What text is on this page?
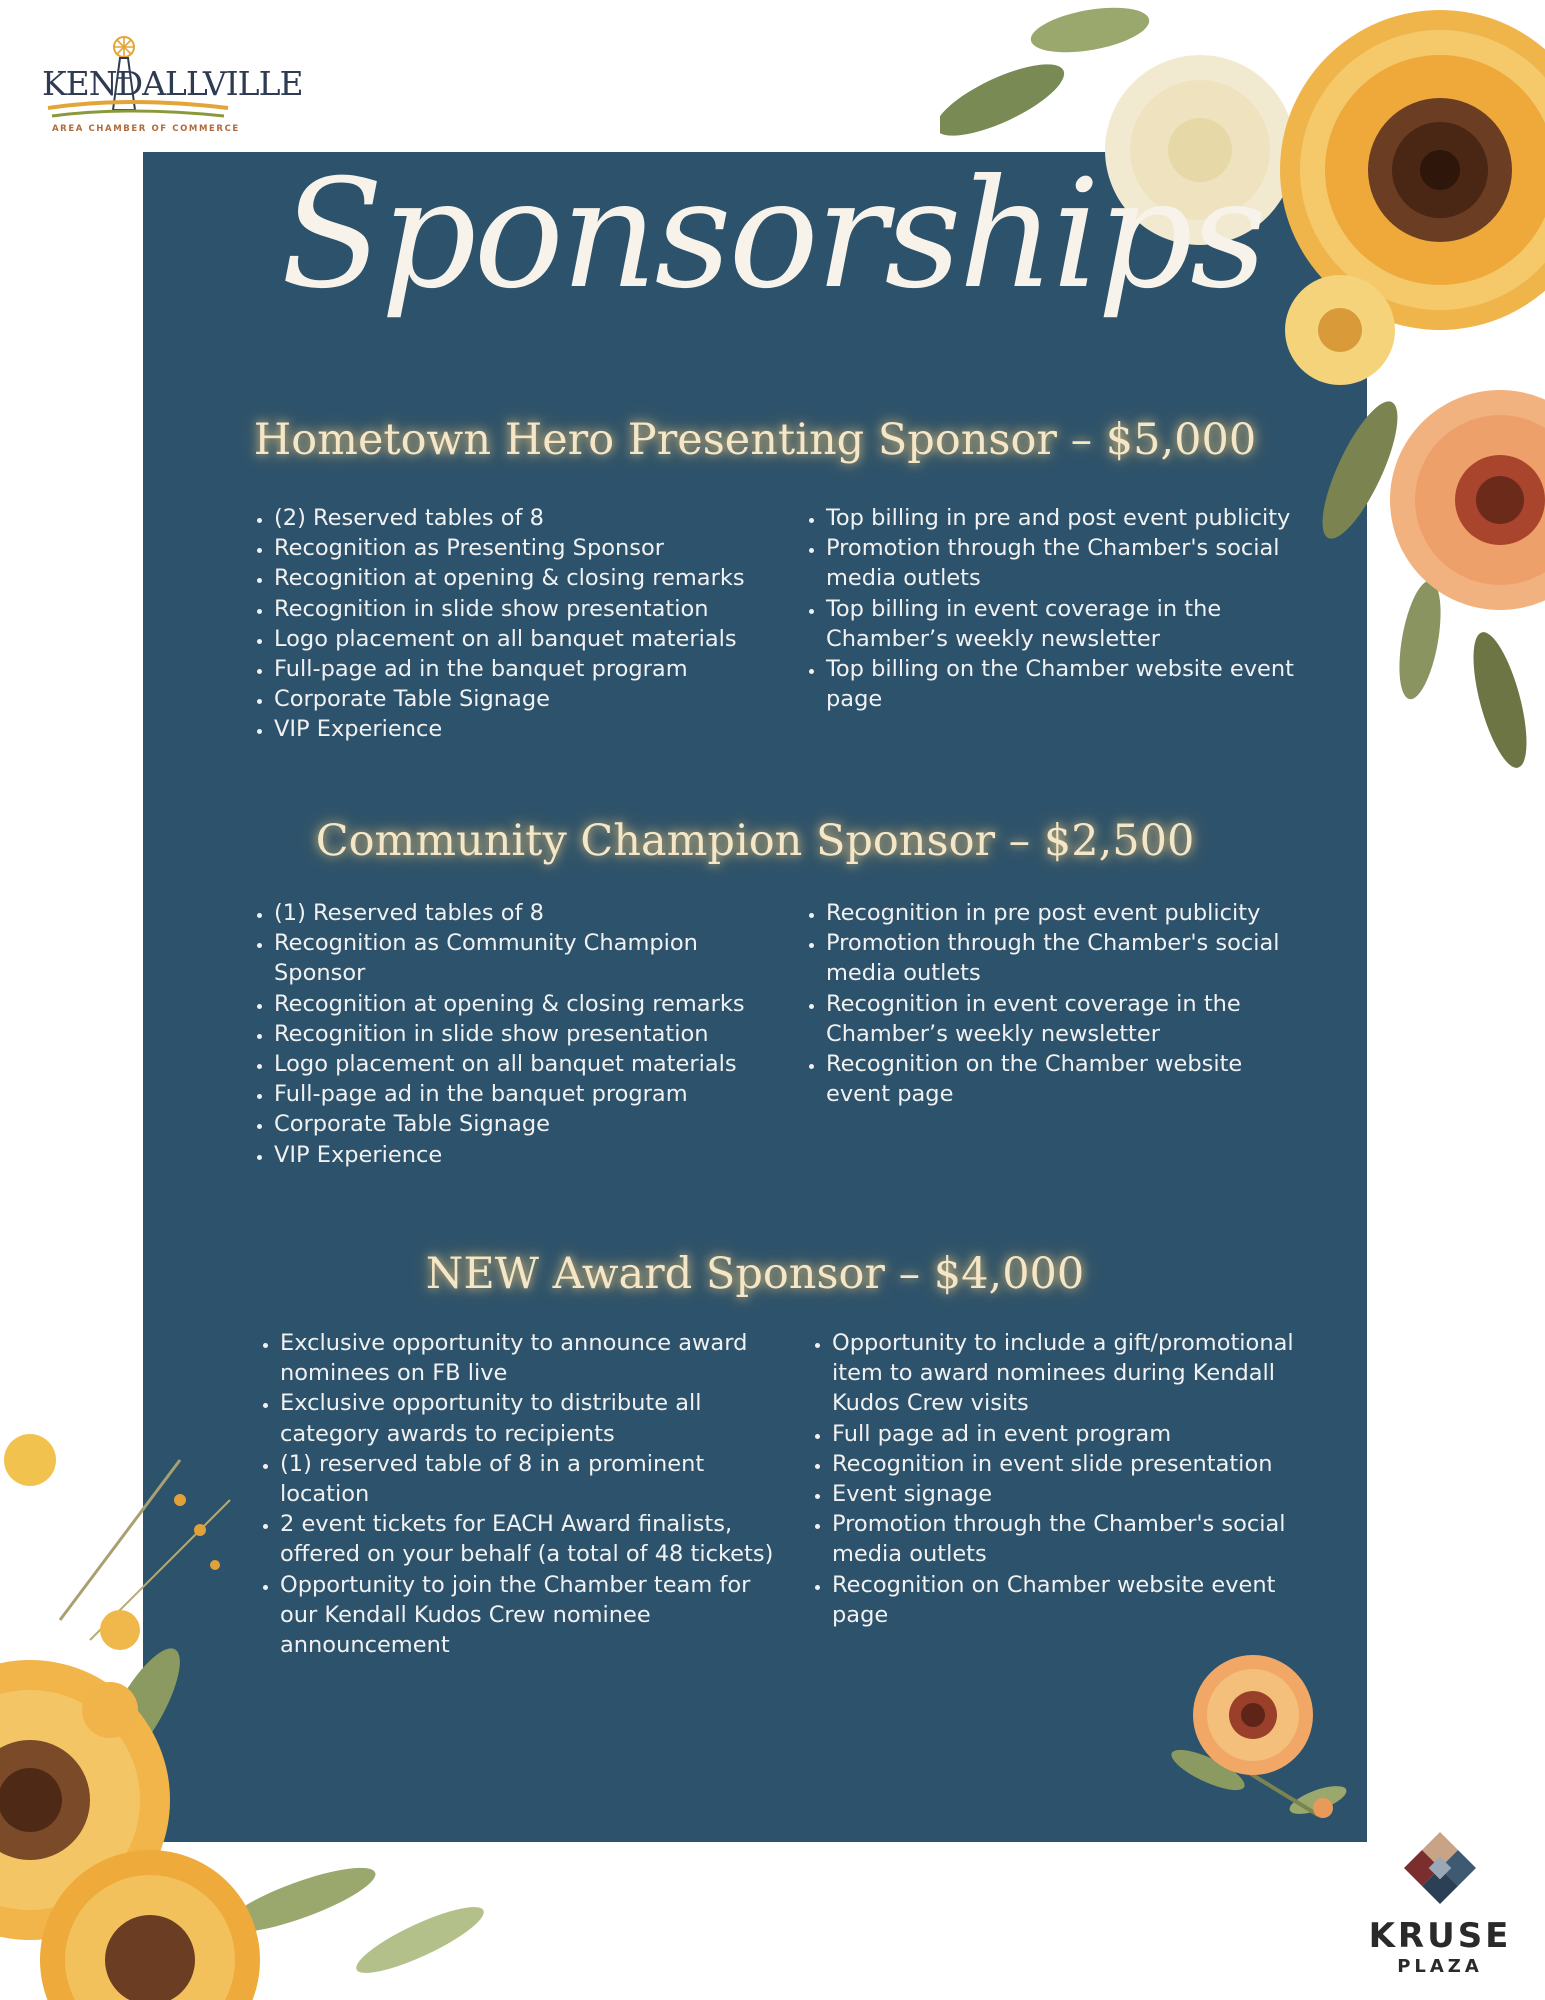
KENDALLVILLE
AREA CHAMBER OF COMMERCE
Sponsorships
Hometown Hero Presenting Sponsor – $5,000
• (2) Reserved tables of 8
• Recognition as Presenting Sponsor
• Recognition at opening & closing remarks
• Recognition in slide show presentation
• Logo placement on all banquet materials
• Full-page ad in the banquet program
• Corporate Table Signage
• VIP Experience
• Top billing in pre and post event publicity
• Promotion through the Chamber's social media outlets
• Top billing in event coverage in the Chamber’s weekly newsletter
• Top billing on the Chamber website event page
Community Champion Sponsor – $2,500
• (1) Reserved tables of 8
• Recognition as Community Champion Sponsor
• Recognition at opening & closing remarks
• Recognition in slide show presentation
• Logo placement on all banquet materials
• Full-page ad in the banquet program
• Corporate Table Signage
• VIP Experience
• Recognition in pre post event publicity
• Promotion through the Chamber's social media outlets
• Recognition in event coverage in the Chamber’s weekly newsletter
• Recognition on the Chamber website event page
NEW Award Sponsor – $4,000
• Exclusive opportunity to announce award nominees on FB live
• Exclusive opportunity to distribute all category awards to recipients
• (1) reserved table of 8 in a prominent location
• 2 event tickets for EACH Award finalists, offered on your behalf (a total of 48 tickets)
• Opportunity to join the Chamber team for our Kendall Kudos Crew nominee announcement
• Opportunity to include a gift/promotional item to award nominees during Kendall Kudos Crew visits
• Full page ad in event program
• Recognition in event slide presentation
• Event signage
• Promotion through the Chamber's social media outlets
• Recognition on Chamber website event page
KRUSE
PLAZA
